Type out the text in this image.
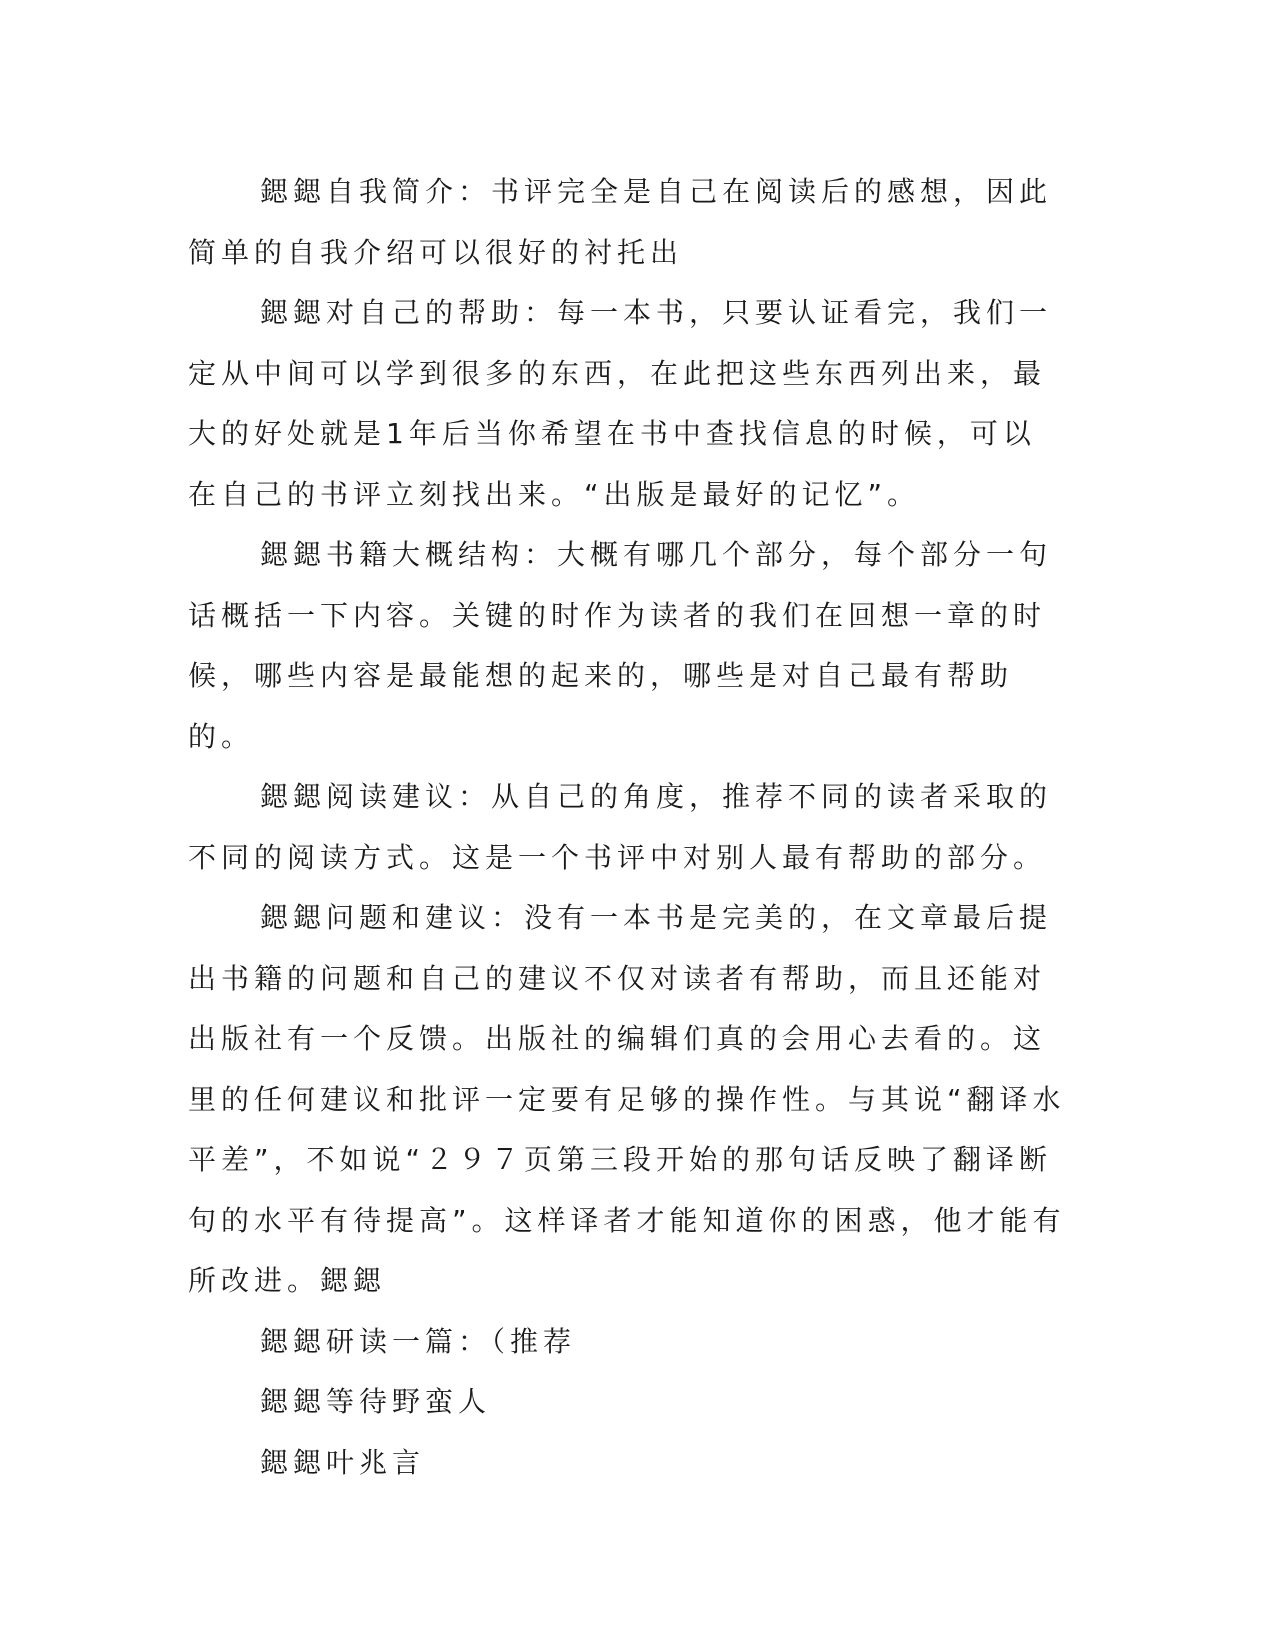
鍶鍶自我简介：书评完全是自己在阅读后的感想，因此简单的自我介绍可以很好的衬托出

鍶鍶对自己的帮助：每一本书，只要认证看完，我们一定从中间可以学到很多的东西，在此把这些东西列出来，最大的好处就是1年后当你希望在书中查找信息的时候，可以在自己的书评立刻找出来。“出版是最好的记忆”。

鍶鍶书籍大概结构：大概有哪几个部分，每个部分一句话概括一下内容。关键的时作为读者的我们在回想一章的时候，哪些内容是最能想的起来的，哪些是对自己最有帮助的。

鍶鍶阅读建议：从自己的角度，推荐不同的读者采取的不同的阅读方式。这是一个书评中对别人最有帮助的部分。

鍶鍶问题和建议：没有一本书是完美的，在文章最后提出书籍的问题和自己的建议不仅对读者有帮助，而且还能对出版社有一个反馈。出版社的编辑们真的会用心去看的。这里的任何建议和批评一定要有足够的操作性。与其说“翻译水平差”，不如说“２９７页第三段开始的那句话反映了翻译断句的水平有待提高”。这样译者才能知道你的困惑，他才能有所改进。鍶鍶

鍶鍶研读一篇：（推荐

鍶鍶等待野蛮人

鍶鍶叶兆言
